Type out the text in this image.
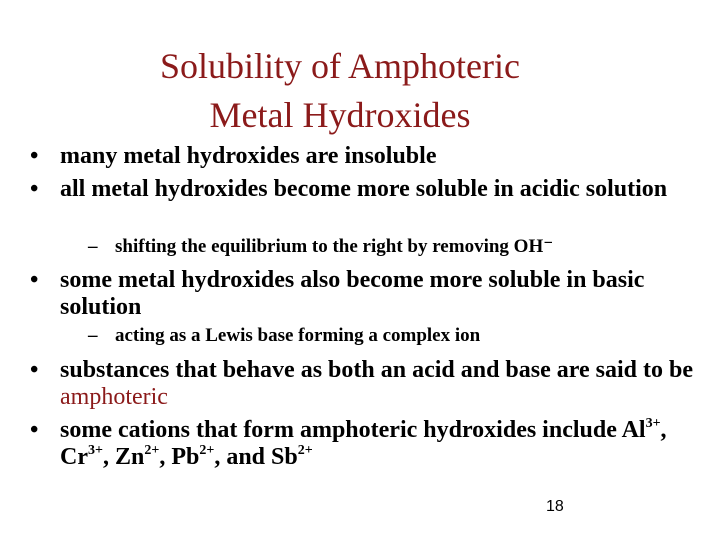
Solubility of Amphoteric
Metal Hydroxides
• many metal hydroxides are insoluble
• all metal hydroxides become more soluble in acidic solution
– shifting the equilibrium to the right by removing OH⁻
• some metal hydroxides also become more soluble in basic solution
– acting as a Lewis base forming a complex ion
• substances that behave as both an acid and base are said to be amphoteric
• some cations that form amphoteric hydroxides include $Al^{3+}$, $Cr^{3+}$, $Zn^{2+}$, $Pb^{2+}$, and $Sb^{2+}$
18
